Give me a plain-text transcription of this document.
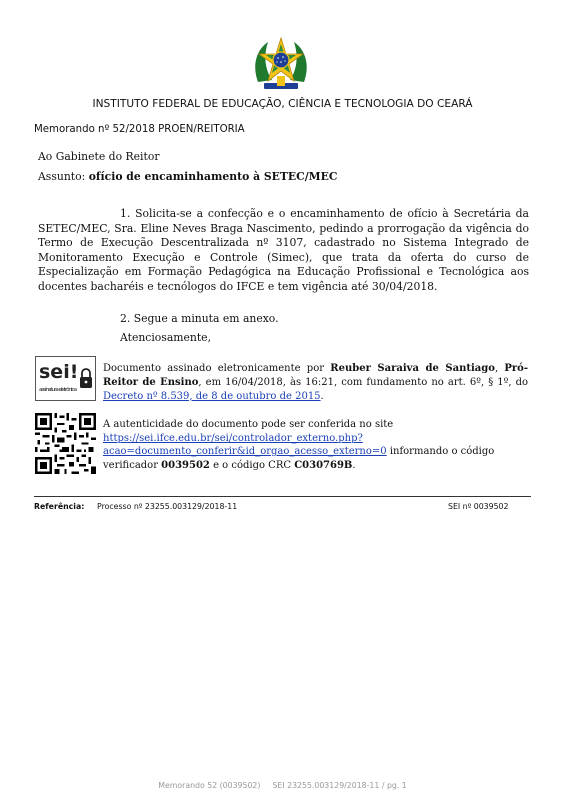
INSTITUTO FEDERAL DE EDUCAÇÃO, CIÊNCIA E TECNOLOGIA DO CEARÁ
Memorando nº 52/2018 PROEN/REITORIA
Ao Gabinete do Reitor
Assunto: ofício de encaminhamento à SETEC/MEC
1. Solicita-se a confecção e o encaminhamento de ofício à Secretária da SETEC/MEC, Sra. Eline Neves Braga Nascimento, pedindo a prorrogação da vigência do Termo de Execução Descentralizada nº 3107, cadastrado no Sistema Integrado de Monitoramento Execução e Controle (Simec), que trata da oferta do curso de Especialização em Formação Pedagógica na Educação Profissional e Tecnológica aos docentes bacharéis e tecnólogos do IFCE e tem vigência até 30/04/2018.
2. Segue a minuta em anexo.
Atenciosamente,
sei!
assinatura eletrônica
Documento assinado eletronicamente por Reuber Saraiva de Santiago, Pró-Reitor de Ensino, em 16/04/2018, às 16:21, com fundamento no art. 6º, § 1º, do Decreto nº 8.539, de 8 de outubro de 2015.
A autenticidade do documento pode ser conferida no site
https://sei.ifce.edu.br/sei/controlador_externo.php?
acao=documento_conferir&id_orgao_acesso_externo=0 informando o código verificador 0039502 e o código CRC C030769B.
Referência: Processo nº 23255.003129/2018-11	SEI nº 0039502
Memorando 52 (0039502) SEI 23255.003129/2018-11 / pg. 1
